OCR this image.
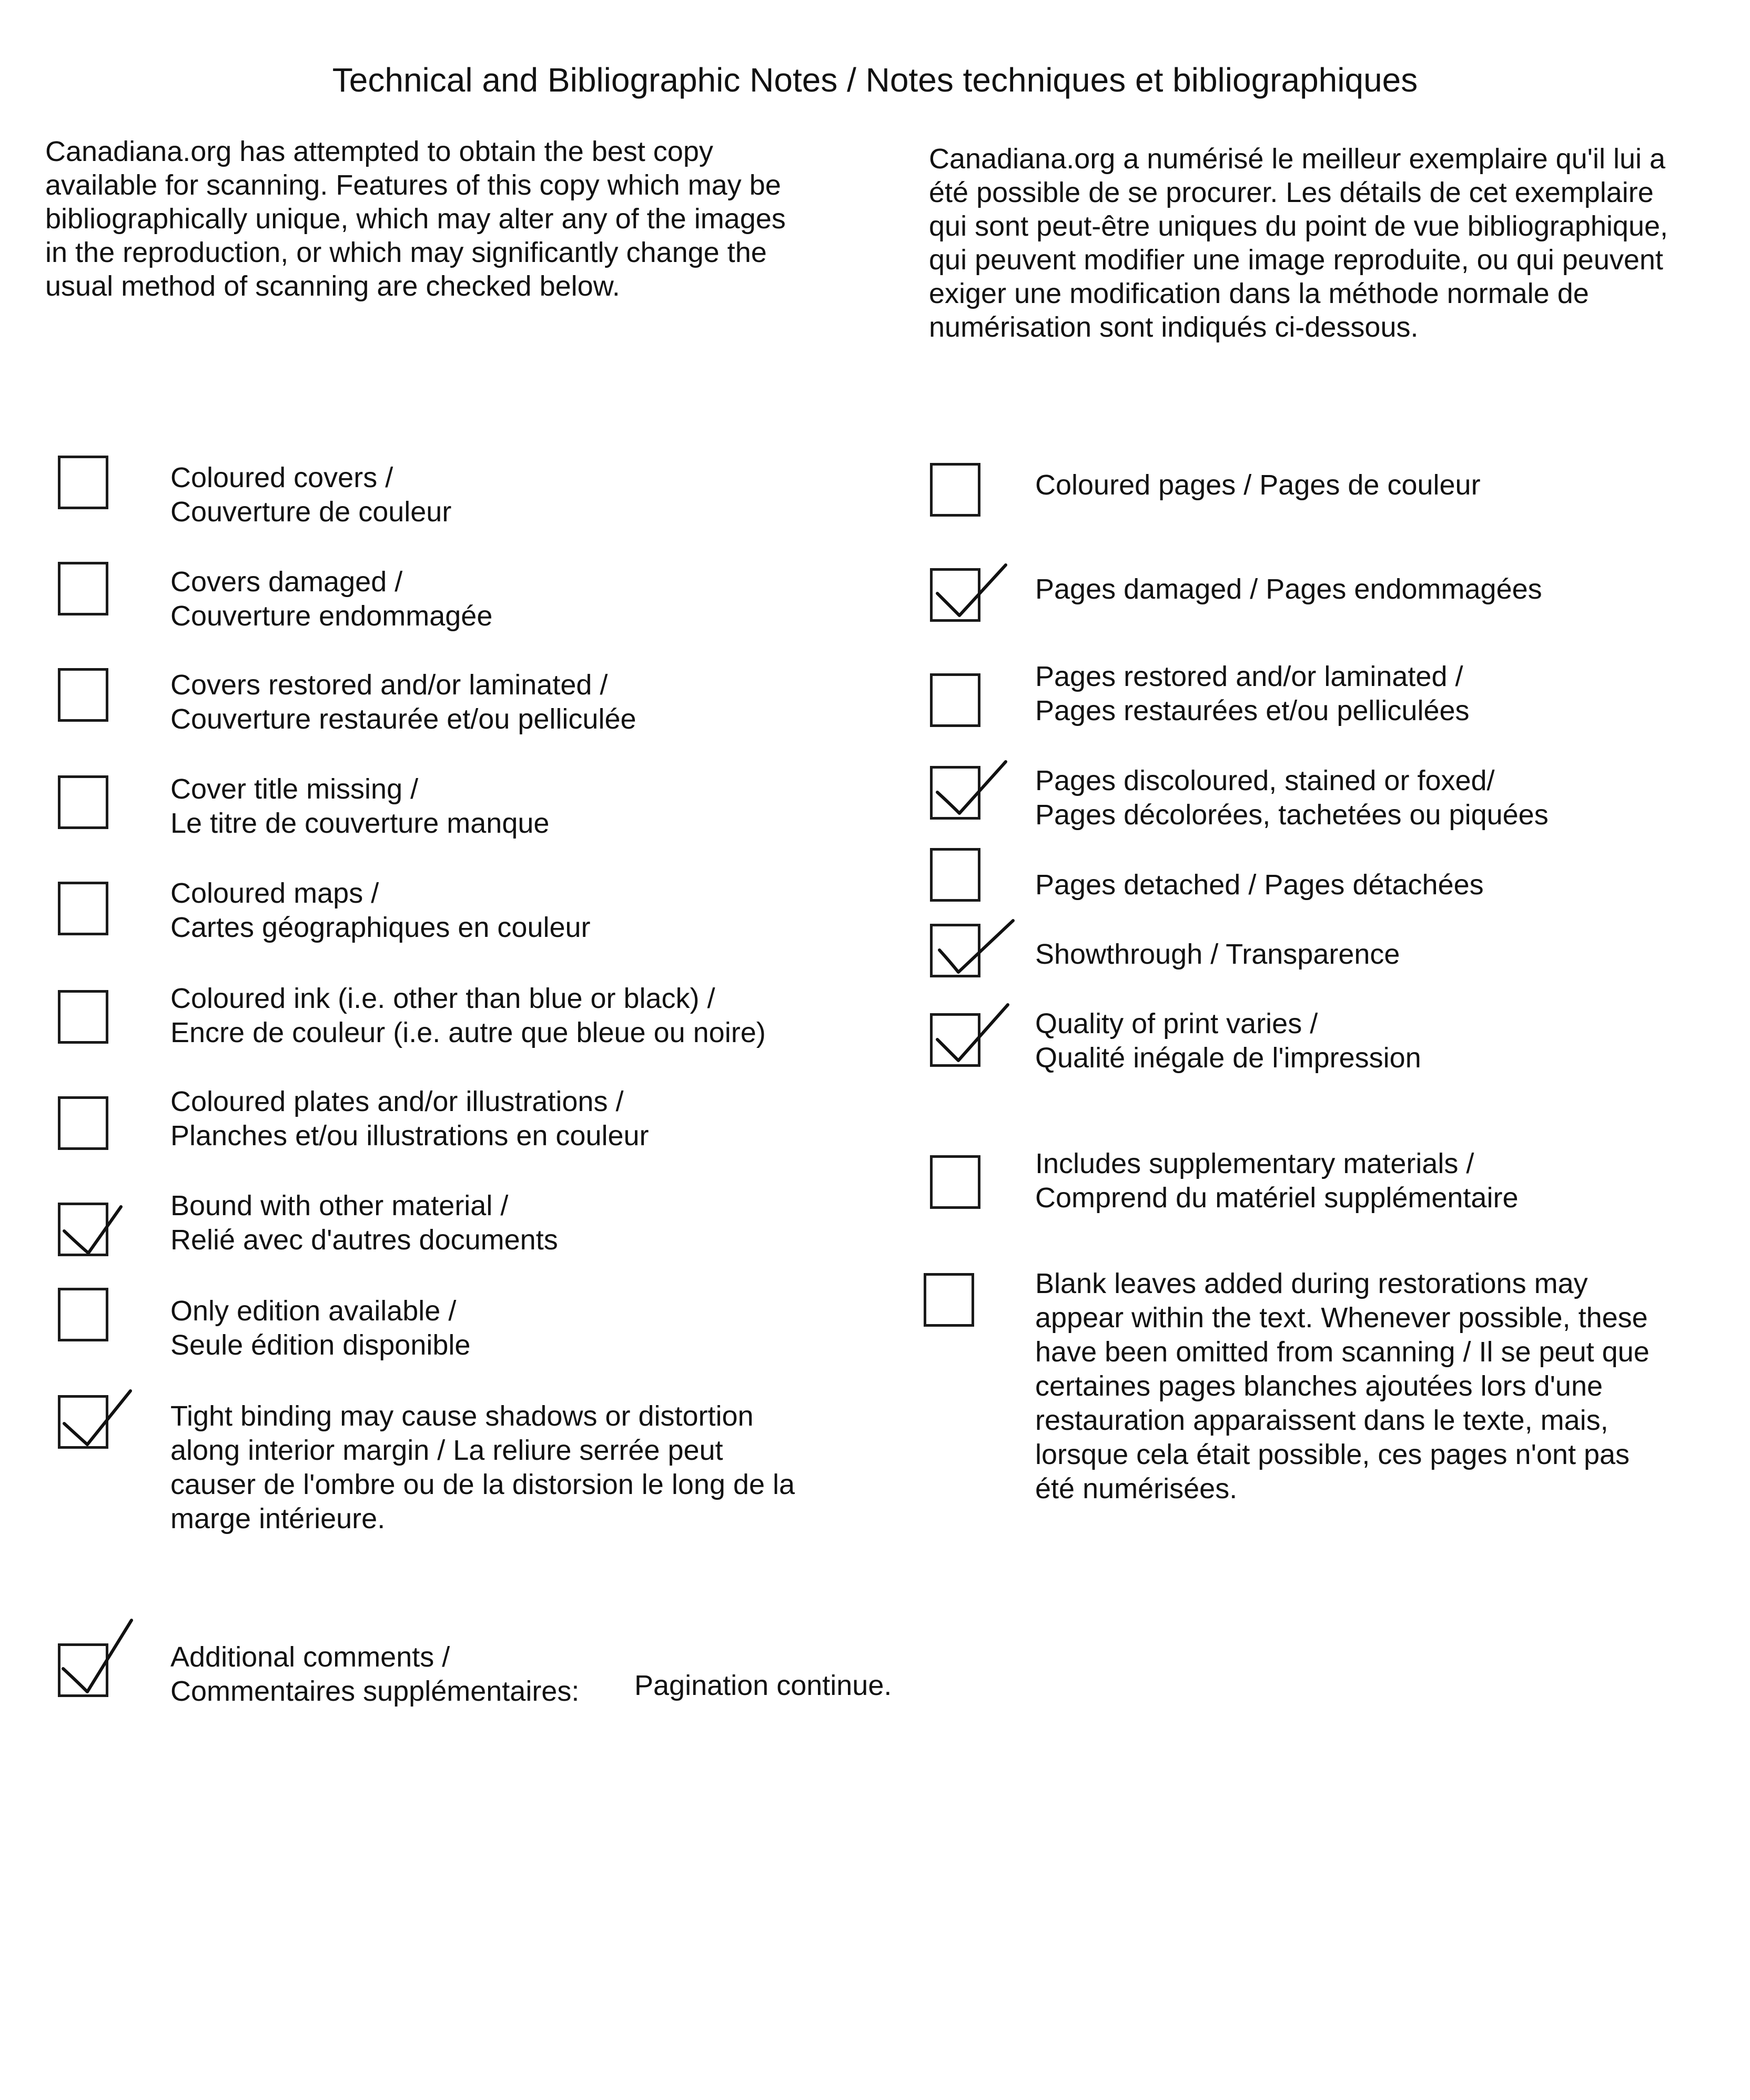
Technical and Bibliographic Notes / Notes techniques et bibliographiques
Canadiana.org has attempted to obtain the best copy
available for scanning. Features of this copy which may be
bibliographically unique, which may alter any of the images
in the reproduction, or which may significantly change the
usual method of scanning are checked below.
Canadiana.org a numérisé le meilleur exemplaire qu'il lui a
été possible de se procurer. Les détails de cet exemplaire
qui sont peut-être uniques du point de vue bibliographique,
qui peuvent modifier une image reproduite, ou qui peuvent
exiger une modification dans la méthode normale de
numérisation sont indiqués ci-dessous.
Coloured covers /
Couverture de couleur
Covers damaged /
Couverture endommagée
Covers restored and/or laminated /
Couverture restaurée et/ou pelliculée
Cover title missing /
Le titre de couverture manque
Coloured maps /
Cartes géographiques en couleur
Coloured ink (i.e. other than blue or black) /
Encre de couleur (i.e. autre que bleue ou noire)
Coloured plates and/or illustrations /
Planches et/ou illustrations en couleur
Bound with other material /
Relié avec d'autres documents
Only edition available /
Seule édition disponible
Tight binding may cause shadows or distortion
along interior margin / La reliure serrée peut
causer de l'ombre ou de la distorsion le long de la
marge intérieure.
Coloured pages / Pages de couleur
Pages damaged / Pages endommagées
Pages restored and/or laminated /
Pages restaurées et/ou pelliculées
Pages discoloured, stained or foxed/
Pages décolorées, tachetées ou piquées
Pages detached / Pages détachées
Showthrough / Transparence
Quality of print varies /
Qualité inégale de l'impression
Includes supplementary materials /
Comprend du matériel supplémentaire
Blank leaves added during restorations may
appear within the text. Whenever possible, these
have been omitted from scanning / Il se peut que
certaines pages blanches ajoutées lors d'une
restauration apparaissent dans le texte, mais,
lorsque cela était possible, ces pages n'ont pas
été numérisées.
Additional comments /
Commentaires supplémentaires: Pagination continue.
